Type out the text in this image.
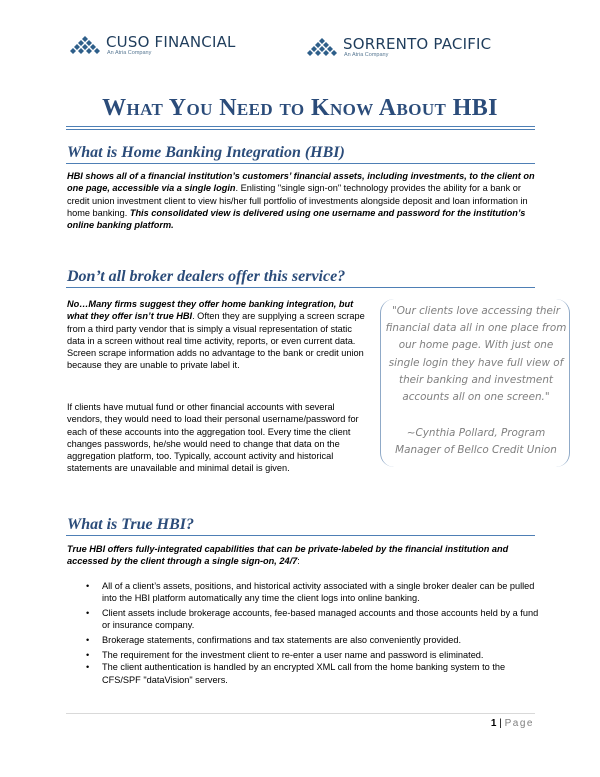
CUSO FINANCIAL
An Atria Company	SORRENTO PACIFIC
An Atria Company
What You Need to Know About HBI
What is Home Banking Integration (HBI)
HBI shows all of a financial institution’s customers’ financial assets, including investments, to the client on one page, accessible via a single login. Enlisting "single sign-on" technology provides the ability for a bank or credit union investment client to view his/her full portfolio of investments alongside deposit and loan information in home banking. This consolidated view is delivered using one username and password for the institution’s online banking platform.
Don’t all broker dealers offer this service?
No…Many firms suggest they offer home banking integration, but what they offer isn’t true HBI. Often they are supplying a screen scrape from a third party vendor that is simply a visual representation of static data in a screen without real time activity, reports, or even current data. Screen scrape information adds no advantage to the bank or credit union because they are unable to private label it.
If clients have mutual fund or other financial accounts with several vendors, they would need to load their personal username/password for each of these accounts into the aggregation tool. Every time the client changes passwords, he/she would need to change that data on the aggregation platform, too. Typically, account activity and historical statements are unavailable and minimal detail is given.
"Our clients love accessing their financial data all in one place from our home page. With just one single login they have full view of their banking and investment accounts all on one screen."
~Cynthia Pollard, Program Manager of Bellco Credit Union
What is True HBI?
True HBI offers fully-integrated capabilities that can be private-labeled by the financial institution and accessed by the client through a single sign-on, 24/7:
• All of a client’s assets, positions, and historical activity associated with a single broker dealer can be pulled into the HBI platform automatically any time the client logs into online banking.
• Client assets include brokerage accounts, fee-based managed accounts and those accounts held by a fund or insurance company.
• Brokerage statements, confirmations and tax statements are also conveniently provided.
• The requirement for the investment client to re-enter a user name and password is eliminated.
• The client authentication is handled by an encrypted XML call from the home banking system to the CFS/SPF "dataVision" servers.
1 | Page
